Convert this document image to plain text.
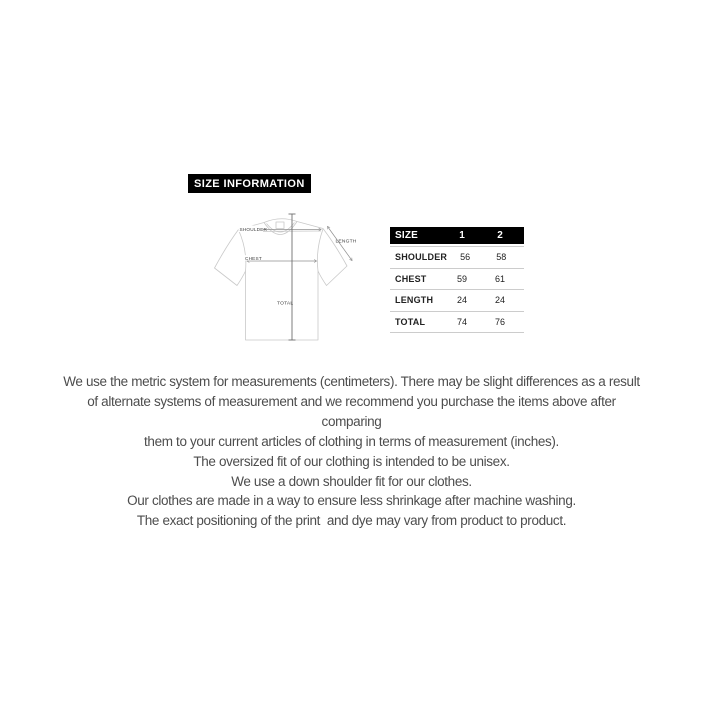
SIZE INFORMATION
SHOULDER
CHEST
TOTAL
LENGTH
SIZE	1	2
SHOULDER	56	58
CHEST	59	61
LENGTH	24	24
TOTAL	74	76
We use the metric system for measurements (centimeters). There may be slight differences as a result
of alternate systems of measurement and we recommend you purchase the items above after
comparing
them to your current articles of clothing in terms of measurement (inches).
The oversized fit of our clothing is intended to be unisex.
We use a down shoulder fit for our clothes.
Our clothes are made in a way to ensure less shrinkage after machine washing.
The exact positioning of the print  and dye may vary from product to product.
